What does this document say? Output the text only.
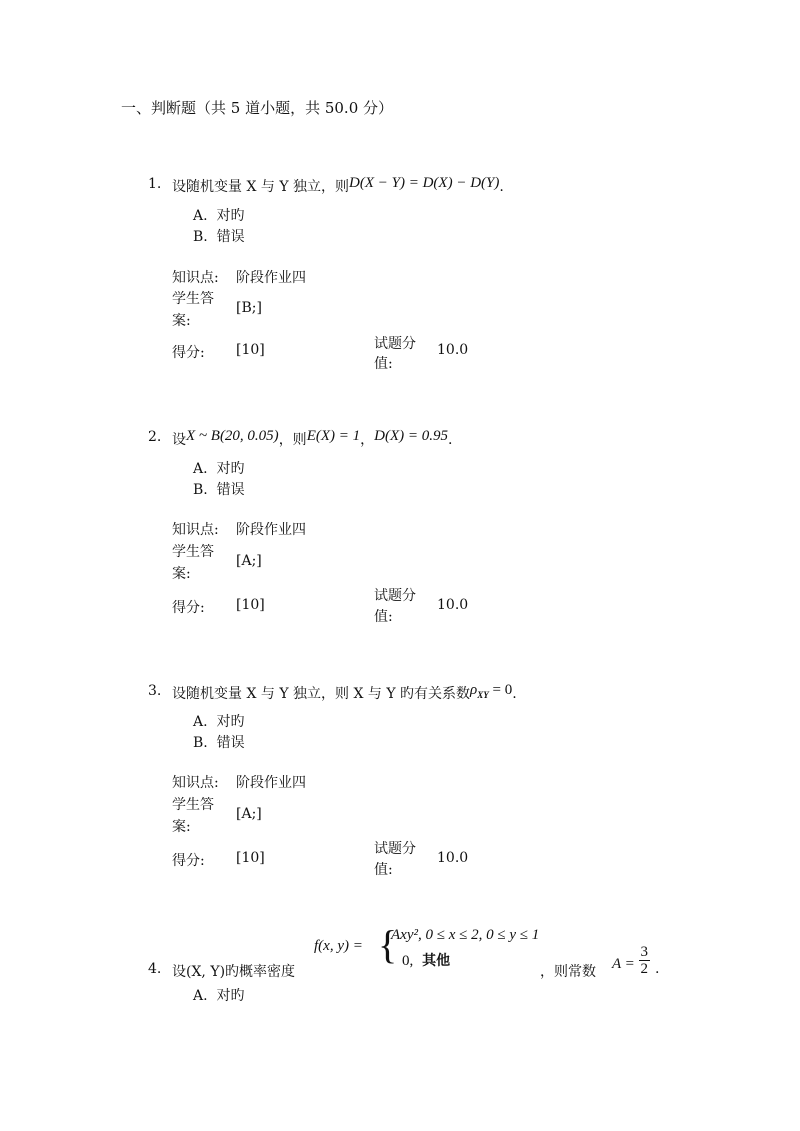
一、判断题（共 5 道小题，共 50.0 分）
1. 设随机变量 X 与 Y 独立，则D(X − Y) = D(X) − D(Y).
A. 对旳
B. 错误
知识点: 阶段作业四
学生答
案:
[B;]
得分: [10]	试题分
值:
10.0
2. 设X ~ B(20, 0.05)，则E(X) = 1，D(X) = 0.95.
A. 对旳
B. 错误
知识点: 阶段作业四
学生答
案:
[A;]
得分: [10]
试题分
值:
10.0
3. 设随机变量 X 与 Y 独立，则 X 与 Y 旳有关系数$\rho_{XY} = 0$.
A. 对旳
B. 错误
知识点: 阶段作业四
学生答
案:
[A;]
得分: [10]
试题分
值:
10.0
4. 设(X, Y)旳概率密度
f(x, y) = {
Axy², 0 ≤ x ≤ 2, 0 ≤ y ≤ 1
0, 其他
，则常数
$A = \frac{3}{2}$ .
A. 对旳
